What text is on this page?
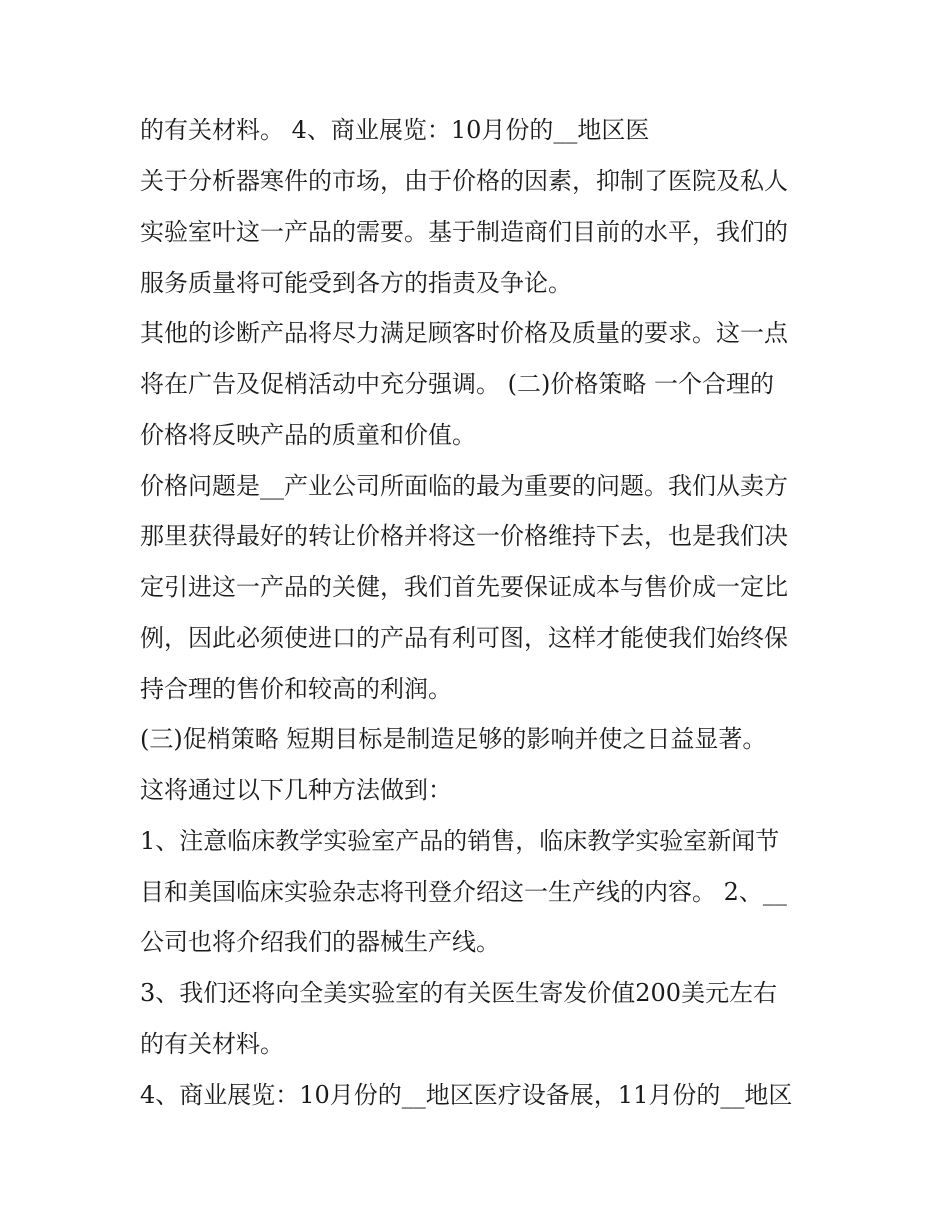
的有关材料。 4、商业展览：10月份的__地区医
关于分析器寒件的市场，由于价格的因素，抑制了医院及私人
实验室叶这一产品的需要。基于制造商们目前的水平，我们的
服务质量将可能受到各方的指责及争论。
其他的诊断产品将尽力满足顾客时价格及质量的要求。这一点
将在广告及促梢活动中充分强调。 (二)价格策略 一个合理的
价格将反映产品的质童和价值。
价格问题是__产业公司所面临的最为重要的问题。我们从卖方
那里获得最好的转让价格并将这一价格维持下去，也是我们决
定引进这一产品的关健，我们首先要保证成本与售价成一定比
例，因此必须使进口的产品有利可图，这样才能使我们始终保
持合理的售价和较高的利润。
(三)促梢策略 短期目标是制造足够的影响并使之日益显著。
这将通过以下几种方法做到：
1、注意临床教学实验室产品的销售，临床教学实验室新闻节
目和美国临床实验杂志将刊登介绍这一生产线的内容。 2、__
公司也将介绍我们的器械生产线。
3、我们还将向全美实验室的有关医生寄发价值200美元左右
的有关材料。
4、商业展览：10月份的__地区医疗设备展，11月份的__地区
